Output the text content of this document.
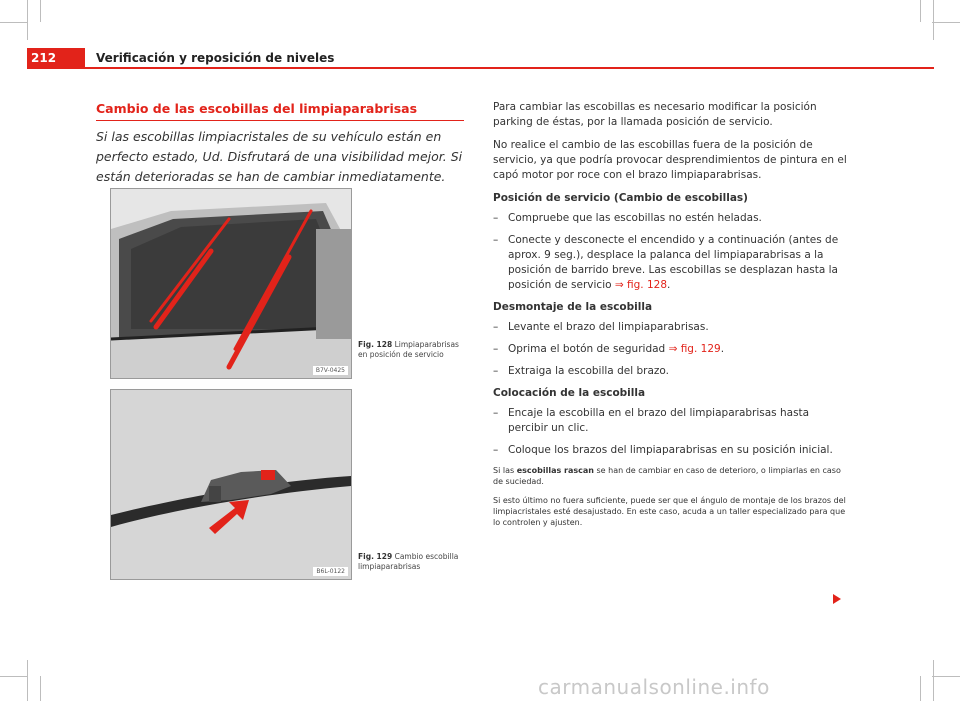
212	Verificación y reposición de niveles
Cambio de las escobillas del limpiaparabrisas
Si las escobillas limpiacristales de su vehículo están en perfecto estado, Ud. Disfrutará de una visibilidad mejor. Si están deterioradas se han de cambiar inmediatamente.
B7V-0425
Fig. 128 Limpiaparabrisas en posición de servicio
B6L-0122
Fig. 129 Cambio escobilla limpiaparabrisas

Para cambiar las escobillas es necesario modificar la posición parking de éstas, por la llamada posición de servicio.

No realice el cambio de las escobillas fuera de la posición de servicio, ya que podría provocar desprendimientos de pintura en el capó motor por roce con el brazo limpiaparabrisas.

Posición de servicio (Cambio de escobillas)
– Compruebe que las escobillas no estén heladas.
– Conecte y desconecte el encendido y a continuación (antes de aprox. 9 seg.), desplace la palanca del limpiaparabrisas a la posición de barrido breve. Las escobillas se desplazan hasta la posición de servicio ⇒ fig. 128.
Desmontaje de la escobilla
– Levante el brazo del limpiaparabrisas.
– Oprima el botón de seguridad ⇒ fig. 129.
– Extraiga la escobilla del brazo.
Colocación de la escobilla
– Encaje la escobilla en el brazo del limpiaparabrisas hasta percibir un clic.
– Coloque los brazos del limpiaparabrisas en su posición inicial.

Si las escobillas rascan se han de cambiar en caso de deterioro, o limpiarlas en caso de suciedad.

Si esto último no fuera suficiente, puede ser que el ángulo de montaje de los brazos del limpiacristales esté desajustado. En este caso, acuda a un taller especializado para que lo controlen y ajusten.

carmanualsonline.info
